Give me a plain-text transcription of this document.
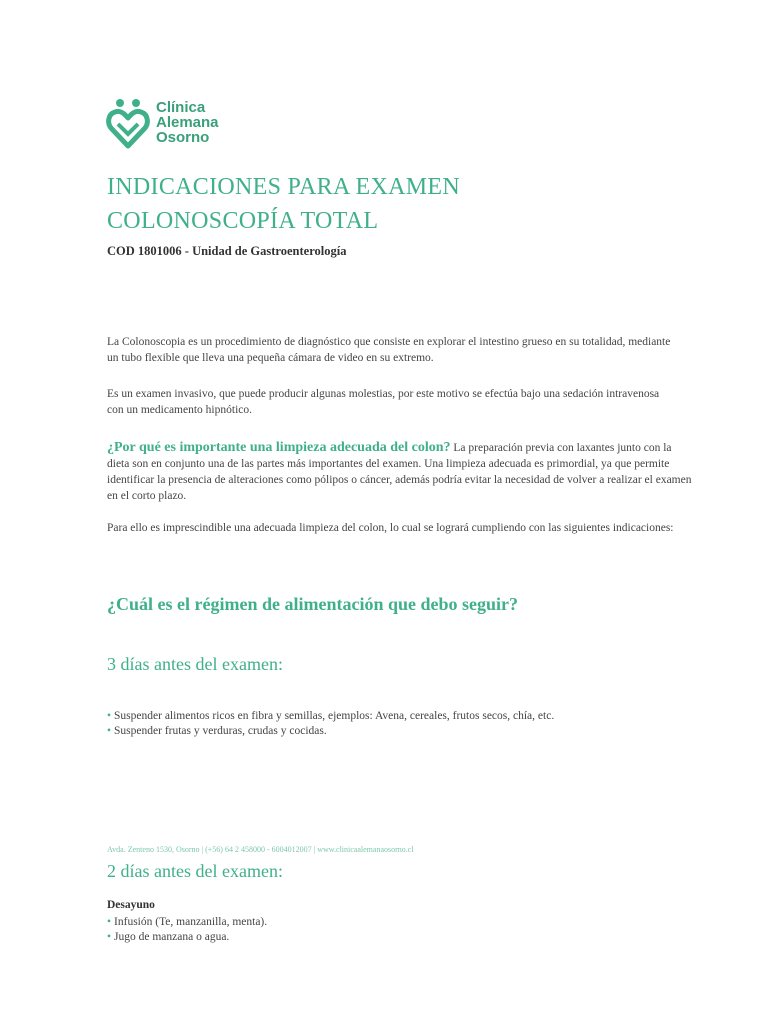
Clínica
Alemana
Osorno
INDICACIONES PARA EXAMEN
COLONOSCOPÍA TOTAL
COD 1801006 - Unidad de Gastroenterología

La Colonoscopia es un procedimiento de diagnóstico que consiste en explorar el intestino grueso en su totalidad, mediante un tubo flexible que lleva una pequeña cámara de video en su extremo.

Es un examen invasivo, que puede producir algunas molestias, por este motivo se efectúa bajo una sedación intravenosa con un medicamento hipnótico.

¿Por qué es importante una limpieza adecuada del colon? La preparación previa con laxantes junto con la dieta son en conjunto una de las partes más importantes del examen. Una limpieza adecuada es primordial, ya que permite identificar la presencia de alteraciones como pólipos o cáncer, además podría evitar la necesidad de volver a realizar el examen en el corto plazo.

Para ello es imprescindible una adecuada limpieza del colon, lo cual se logrará cumpliendo con las siguientes indicaciones:

¿Cuál es el régimen de alimentación que debo seguir?
3 días antes del examen:
• Suspender alimentos ricos en fibra y semillas, ejemplos: Avena, cereales, frutos secos, chía, etc.
• Suspender frutas y verduras, crudas y cocidas.
Avda. Zenteno 1530, Osorno | (+56) 64 2 458000 - 6004012007 | www.clinicaalemanaosorno.cl
2 días antes del examen:
Desayuno
• Infusión (Te, manzanilla, menta).
• Jugo de manzana o agua.
